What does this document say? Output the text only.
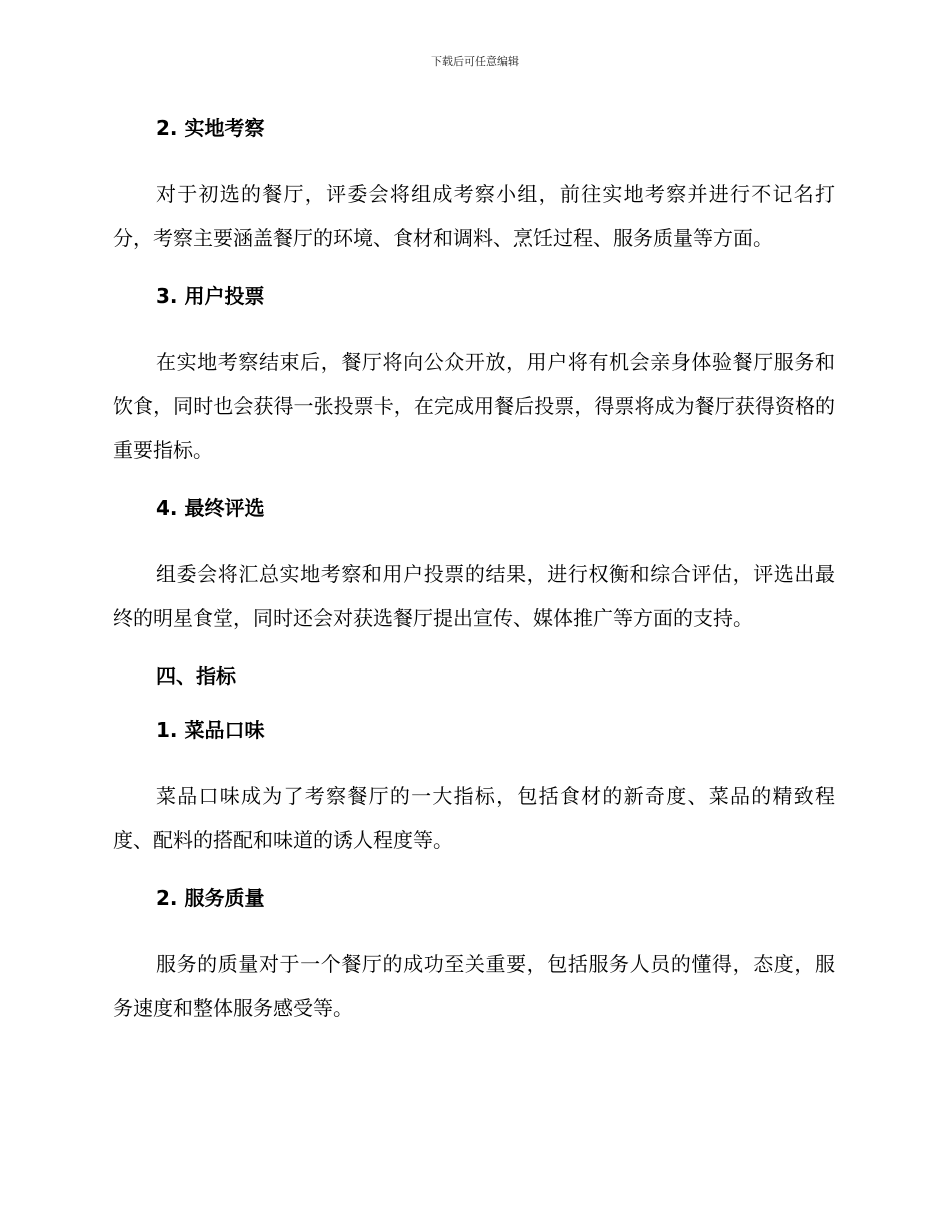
下载后可任意编辑
2. 实地考察

对于初选的餐厅，评委会将组成考察小组，前往实地考察并进行不记名打分，考察主要涵盖餐厅的环境、食材和调料、烹饪过程、服务质量等方面。

3. 用户投票

在实地考察结束后，餐厅将向公众开放，用户将有机会亲身体验餐厅服务和饮食，同时也会获得一张投票卡，在完成用餐后投票，得票将成为餐厅获得资格的重要指标。

4. 最终评选

组委会将汇总实地考察和用户投票的结果，进行权衡和综合评估，评选出最终的明星食堂，同时还会对获选餐厅提出宣传、媒体推广等方面的支持。

四、指标
1. 菜品口味

菜品口味成为了考察餐厅的一大指标，包括食材的新奇度、菜品的精致程度、配料的搭配和味道的诱人程度等。

2. 服务质量

服务的质量对于一个餐厅的成功至关重要，包括服务人员的懂得，态度，服务速度和整体服务感受等。
